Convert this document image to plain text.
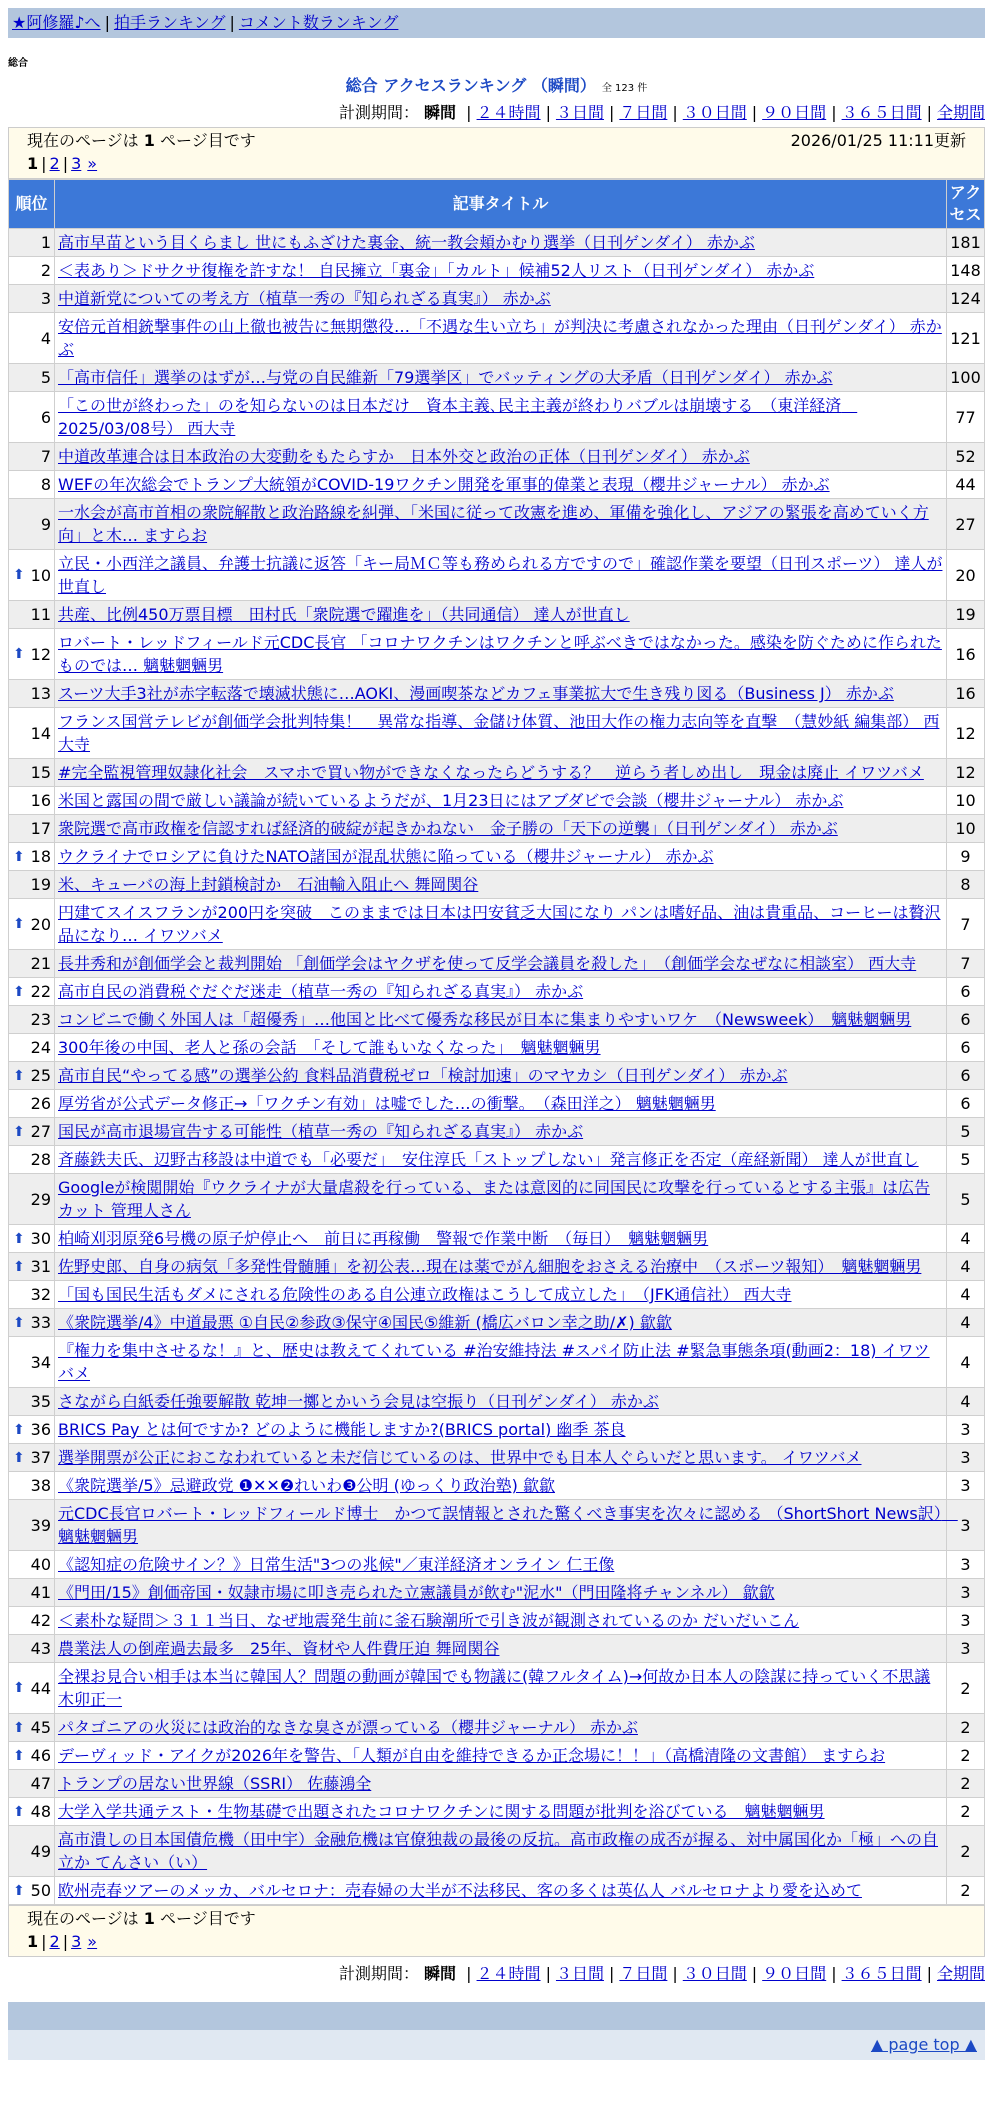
★阿修羅♪へ | 拍手ランキング | コメント数ランキング
総合
総合 アクセスランキング （瞬間） 全 123 件
計測期間： 瞬間 | ２４時間 | ３日間 | ７日間 | ３０日間 | ９０日間 | ３６５日間 | 全期間
現在のページは 1 ページ目です	2026/01/25 11:11更新
1 | 2 | 3 »
順位	記事タイトル	アクセス
1	高市早苗という目くらまし 世にもふざけた裏金、統一教会頬かむり選挙（日刊ゲンダイ） 赤かぶ	181
2	＜表あり＞ドサクサ復権を許すな！ 自民擁立「裏金」「カルト」候補52人リスト（日刊ゲンダイ） 赤かぶ	148
3	中道新党についての考え方（植草一秀の『知られざる真実』） 赤かぶ	124
4	安倍元首相銃撃事件の山上徹也被告に無期懲役…「不遇な生い立ち」が判決に考慮されなかった理由（日刊ゲンダイ） 赤かぶ	121
5	「高市信任」選挙のはずが…与党の自民維新「79選挙区」でバッティングの大矛盾（日刊ゲンダイ） 赤かぶ	100
6	「この世が終わった」のを知らないのは日本だけ　資本主義､民主主義が終わりバブルは崩壊する　（東洋経済　2025/03/08号） 西大寺	77
7	中道改革連合は日本政治の大変動をもたらすか　日本外交と政治の正体（日刊ゲンダイ） 赤かぶ	52
8	WEFの年次総会でトランプ大統領がCOVID-19ワクチン開発を軍事的偉業と表現（櫻井ジャーナル） 赤かぶ	44
9	一水会が高市首相の衆院解散と政治路線を糾弾、「米国に従って改憲を進め、軍備を強化し、アジアの緊張を高めていく方向」と木… ますらお	27

⬆ 10	立民・小西洋之議員、弁護士抗議に返答「キー局ＭＣ等も務められる方ですので」確認作業を要望（日刊スポーツ） 達人が世直し	20
11	共産、比例450万票目標　田村氏「衆院選で躍進を」（共同通信） 達人が世直し	19

⬆ 12	ロバート・レッドフィールド元CDC長官 「コロナワクチンはワクチンと呼ぶべきではなかった。感染を防ぐために作られたものでは… 魑魅魍魎男	16
13	スーツ大手3社が赤字転落で壊滅状態に…AOKI、漫画喫茶などカフェ事業拡大で生き残り図る（Business J） 赤かぶ	16
14	フランス国営テレビが創価学会批判特集！　異常な指導、金儲け体質、池田大作の権力志向等を直撃　（慧妙紙 編集部） 西大寺	12
15	#完全監視管理奴隷化社会　スマホで買い物ができなくなったらどうする？　逆らう者しめ出し　現金は廃止 イワツバメ	12
16	米国と露国の間で厳しい議論が続いているようだが、1月23日にはアブダビで会談（櫻井ジャーナル） 赤かぶ	10
17	衆院選で高市政権を信認すれば経済的破綻が起きかねない　金子勝の「天下の逆襲」（日刊ゲンダイ） 赤かぶ	10

⬆ 18	ウクライナでロシアに負けたNATO諸国が混乱状態に陥っている（櫻井ジャーナル） 赤かぶ	9
19	米、キューバの海上封鎖検討か　石油輸入阻止へ 舞岡関谷	8

⬆ 20	円建てスイスフランが200円を突破　このままでは日本は円安貧乏大国になり パンは嗜好品、油は貴重品、コーヒーは贅沢品になり… イワツバメ	7
21	長井秀和が創価学会と裁判開始 「創価学会はヤクザを使って反学会議員を殺した」　（創価学会なぜなに相談室） 西大寺	7

⬆ 22	高市自民の消費税ぐだぐだ迷走（植草一秀の『知られざる真実』） 赤かぶ	6
23	コンビニで働く外国人は「超優秀」…他国と比べて優秀な移民が日本に集まりやすいワケ　（Newsweek）　魑魅魍魎男	6
24	300年後の中国、老人と孫の会話　「そして誰もいなくなった」　魑魅魍魎男	6

⬆ 25	高市自民“やってる感”の選挙公約 食料品消費税ゼロ「検討加速」のマヤカシ（日刊ゲンダイ） 赤かぶ	6
26	厚労省が公式データ修正→「ワクチン有効」は嘘でした…の衝撃。　（森田洋之） 魑魅魍魎男	6

⬆ 27	国民が高市退場宣告する可能性（植草一秀の『知られざる真実』） 赤かぶ	5
28	斉藤鉄夫氏、辺野古移設は中道でも「必要だ」　安住淳氏「ストップしない」発言修正を否定（産経新聞） 達人が世直し	5
29	Googleが検閲開始『ウクライナが大量虐殺を行っている、または意図的に同国民に攻撃を行っているとする主張』は広告カット 管理人さん	5

⬆ 30	柏崎刈羽原発6号機の原子炉停止へ　前日に再稼働　警報で作業中断　（毎日）　魑魅魍魎男	4

⬆ 31	佐野史郎、自身の病気「多発性骨髄腫」を初公表…現在は薬でがん細胞をおさえる治療中　（スポーツ報知）　魑魅魍魎男	4
32	「国も国民生活もダメにされる危険性のある自公連立政権はこうして成立した」　（JFK通信社） 西大寺	4

⬆ 33	《衆院選挙/4》中道最悪 ①自民②参政③保守④国民⑤維新 (橋広バロン幸之助/✗) 歙歙	4
34	『権力を集中させるな！』と、歴史は教えてくれている #治安維持法 #スパイ防止法 #緊急事態条項(動画2：18) イワツバメ	4
35	さながら白紙委任強要解散 乾坤一擲とかいう会見は空振り（日刊ゲンダイ） 赤かぶ	4

⬆ 36	BRICS Pay とは何ですか? どのように機能しますか?(BRICS portal) 幽季 茶良	3

⬆ 37	選挙開票が公正におこなわれていると未だ信じているのは、世界中でも日本人ぐらいだと思います。 イワツバメ	3
38	《衆院選挙/5》忌避政党 ❶✕✕❷れいわ❸公明 (ゆっくり政治塾) 歙歙	3
39	元CDC長官ロバート・レッドフィールド博士　かつて誤情報とされた驚くべき事実を次々に認める （ShortShort News訳）　魑魅魍魎男	3
40	《認知症の危険サイン？》日常生活"3つの兆候"／東洋経済オンライン 仁王像	3
41	《門田/15》創価帝国・奴隷市場に叩き売られた立憲議員が飲む"泥水"（門田隆将チャンネル） 歙歙	3
42	＜素朴な疑問＞３１１当日、なぜ地震発生前に釜石験潮所で引き波が観測されているのか だいだいこん	3
43	農業法人の倒産過去最多　25年、資材や人件費圧迫 舞岡関谷	3

⬆ 44	全裸お見合い相手は本当に韓国人？問題の動画が韓国でも物議に(韓フルタイム)→何故か日本人の陰謀に持っていく不思議 木卯正一	2

⬆ 45	パタゴニアの火災には政治的なきな臭さが漂っている（櫻井ジャーナル） 赤かぶ	2

⬆ 46	デーヴィッド・アイクが2026年を警告、「人類が自由を維持できるか正念場に！！」（高橋清隆の文書館） ますらお	2
47	トランプの居ない世界線（SSRI） 佐藤鴻全	2

⬆ 48	大学入学共通テスト・生物基礎で出題されたコロナワクチンに関する問題が批判を浴びている　魑魅魍魎男	2
49	高市潰しの日本国債危機（田中宇）金融危機は官僚独裁の最後の反抗。高市政権の成否が握る、対中属国化か「極」への自立か てんさい（い）	2

⬆ 50	欧州売春ツアーのメッカ、バルセロナ：売春婦の大半が不法移民、客の多くは英仏人 バルセロナより愛を込めて	2
現在のページは 1 ページ目です
1 | 2 | 3 »
計測期間： 瞬間 | ２４時間 | ３日間 | ７日間 | ３０日間 | ９０日間 | ３６５日間 | 全期間
▲ page top ▲
